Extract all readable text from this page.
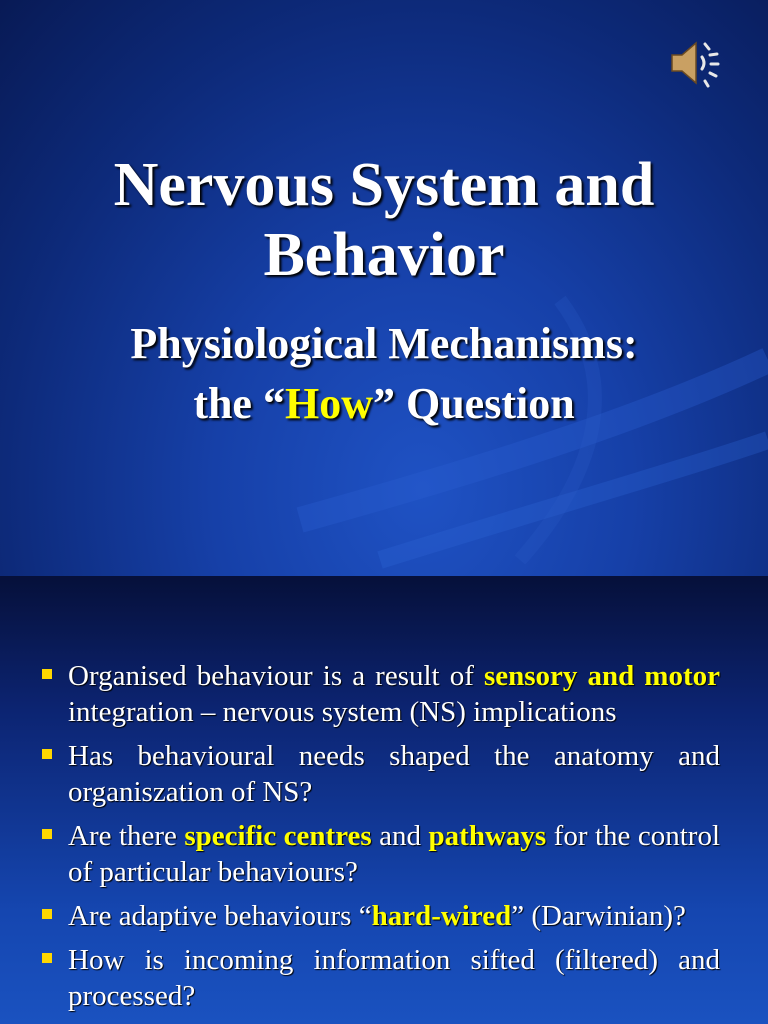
Nervous System and
Behavior
Physiological Mechanisms:
the “How” Question
Organised behaviour is a result of sensory and motor integration – nervous system (NS) implications
Has behavioural needs shaped the anatomy and organiszation of NS?
Are there specific centres and pathways for the control of particular behaviours?
Are adaptive behaviours “hard-wired” (Darwinian)?
How is incoming information sifted (filtered) and processed?
